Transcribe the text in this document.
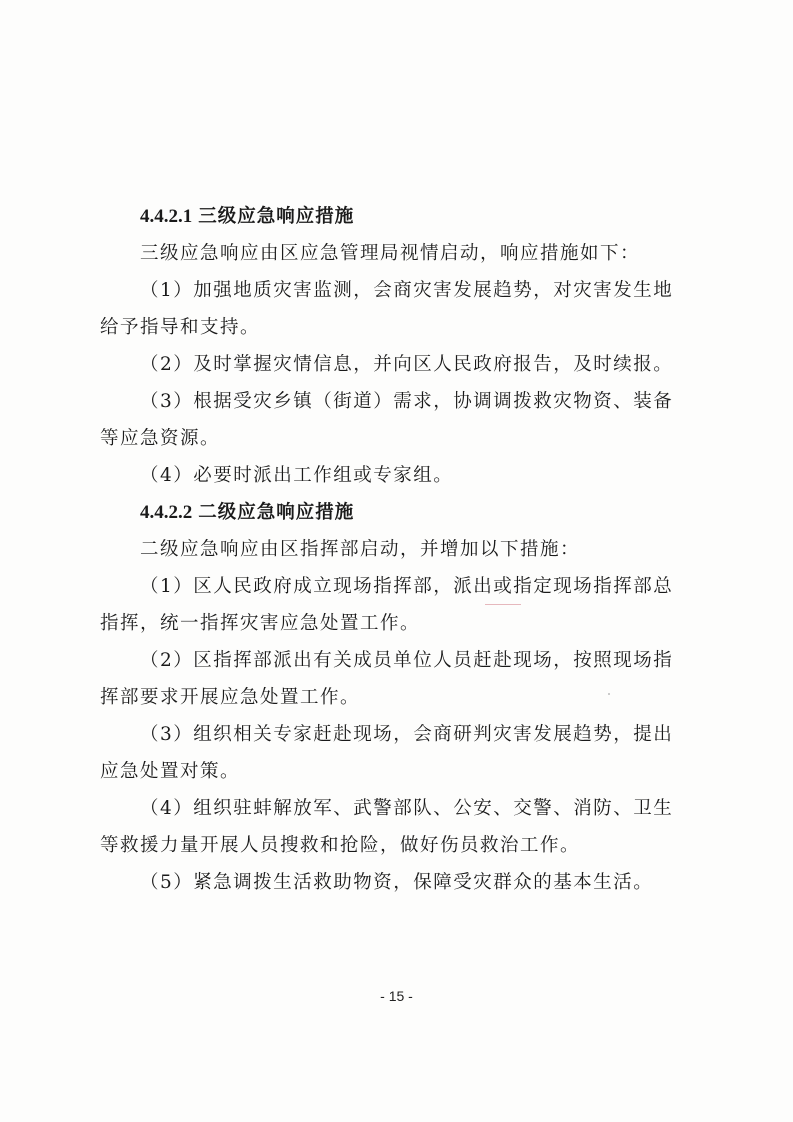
4.4.2.1 三级应急响应措施
三级应急响应由区应急管理局视情启动，响应措施如下：
（1）加强地质灾害监测，会商灾害发展趋势，对灾害发生地
给予指导和支持。
（2）及时掌握灾情信息，并向区人民政府报告，及时续报。
（3）根据受灾乡镇（街道）需求，协调调拨救灾物资、装备
等应急资源。
（4）必要时派出工作组或专家组。
4.4.2.2 二级应急响应措施
二级应急响应由区指挥部启动，并增加以下措施：
（1）区人民政府成立现场指挥部，派出或指定现场指挥部总
指挥，统一指挥灾害应急处置工作。
（2）区指挥部派出有关成员单位人员赶赴现场，按照现场指
挥部要求开展应急处置工作。
（3）组织相关专家赶赴现场，会商研判灾害发展趋势，提出
应急处置对策。
（4）组织驻蚌解放军、武警部队、公安、交警、消防、卫生
等救援力量开展人员搜救和抢险，做好伤员救治工作。
（5）紧急调拨生活救助物资，保障受灾群众的基本生活。
- 15 -
